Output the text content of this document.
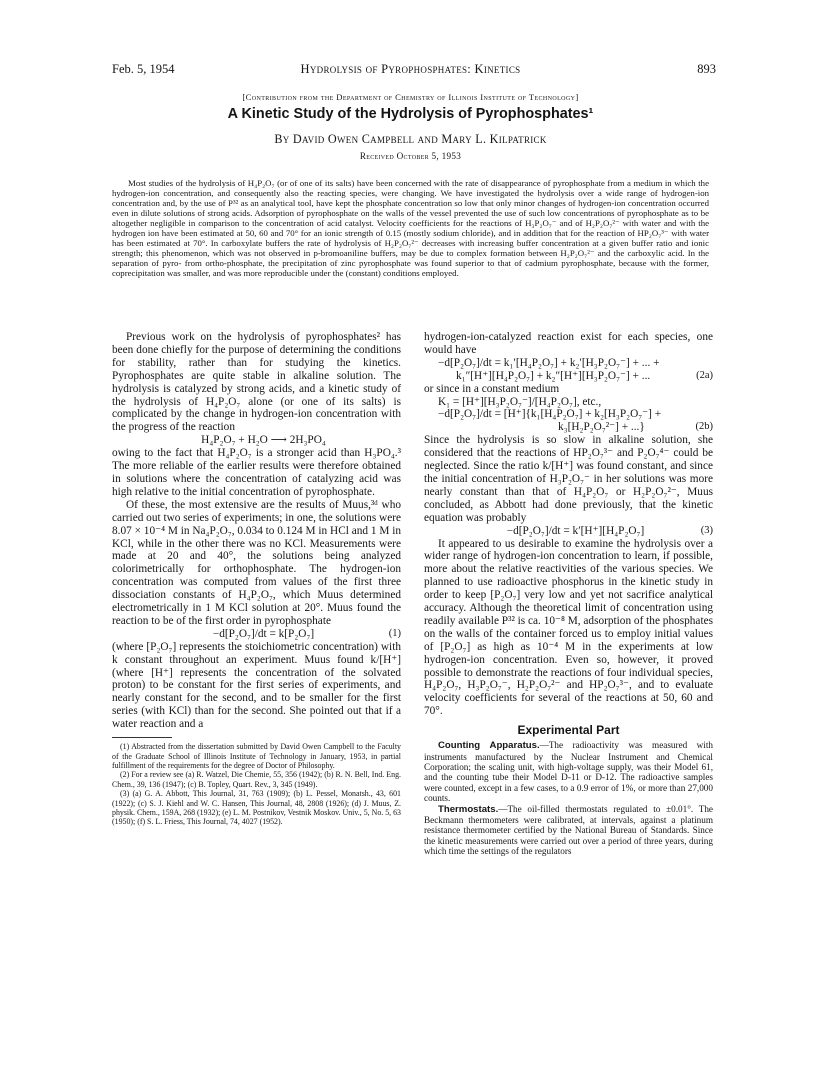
Feb. 5, 1954	Hydrolysis of Pyrophosphates: Kinetics	893
[Contribution from the Department of Chemistry of Illinois Institute of Technology]
A Kinetic Study of the Hydrolysis of Pyrophosphates¹
By David Owen Campbell and Mary L. Kilpatrick
Received October 5, 1953

Most studies of the hydrolysis of H₄P₂O₇ (or of one of its salts) have been concerned with the rate of disappearance of pyrophosphate from a medium in which the hydrogen-ion concentration, and consequently also the reacting species, were changing. We have investigated the hydrolysis over a wide range of hydrogen-ion concentration and, by the use of P³² as an analytical tool, have kept the phosphate concentration so low that only minor changes of hydrogen-ion concentration occurred even in dilute solutions of strong acids. Adsorption of pyrophosphate on the walls of the vessel prevented the use of such low concentrations of pyrophosphate as to be altogether negligible in comparison to the concentration of acid catalyst. Velocity coefficients for the reactions of H₃P₂O₇⁻ and of H₂P₂O₇²⁻ with water and with the hydrogen ion have been estimated at 50, 60 and 70° for an ionic strength of 0.15 (mostly sodium chloride), and in addition that for the reaction of HP₂O₇³⁻ with water has been estimated at 70°. In carboxylate buffers the rate of hydrolysis of H₂P₂O₇²⁻ decreases with increasing buffer concentration at a given buffer ratio and ionic strength; this phenomenon, which was not observed in p-bromoaniline buffers, may be due to complex formation between H₂P₂O₇²⁻ and the carboxylic acid. In the separation of pyro- from ortho-phosphate, the precipitation of zinc pyrophosphate was found superior to that of cadmium pyrophosphate, because with the former, coprecipitation was smaller, and was more reproducible under the (constant) conditions employed.

Previous work on the hydrolysis of pyrophosphates² has been done chiefly for the purpose of determining the conditions for stability, rather than for studying the kinetics. Pyrophosphates are quite stable in alkaline solution. The hydrolysis is catalyzed by strong acids, and a kinetic study of the hydrolysis of H₄P₂O₇ alone (or one of its salts) is complicated by the change in hydrogen-ion concentration with the progress of the reaction

H₄P₂O₇ + H₂O ⟶ 2H₃PO₄

owing to the fact that H₄P₂O₇ is a stronger acid than H₃PO₄.³ The more reliable of the earlier results were therefore obtained in solutions where the concentration of catalyzing acid was high relative to the initial concentration of pyrophosphate.

Of these, the most extensive are the results of Muus,³ᵈ who carried out two series of experiments; in one, the solutions were 8.07 × 10⁻⁴ M in Na₄P₂O₇, 0.034 to 0.124 M in HCl and 1 M in KCl, while in the other there was no KCl. Measurements were made at 20 and 40°, the solutions being analyzed colorimetrically for orthophosphate. The hydrogen-ion concentration was computed from values of the first three dissociation constants of H₄P₂O₇, which Muus determined electrometrically in 1 M KCl solution at 20°. Muus found the reaction to be of the first order in pyrophosphate

−d[P₂O₇]/dt = k[P₂O₇]	(1)

(where [P₂O₇] represents the stoichiometric concentration) with k constant throughout an experiment. Muus found k/[H⁺] (where [H⁺] represents the concentration of the solvated proton) to be constant for the first series of experiments, and nearly constant for the second, and to be smaller for the first series (with KCl) than for the second. She pointed out that if a water reaction and a

(1) Abstracted from the dissertation submitted by David Owen Campbell to the Faculty of the Graduate School of Illinois Institute of Technology in January, 1953, in partial fulfillment of the requirements for the degree of Doctor of Philosophy.

(2) For a review see (a) R. Watzel, Die Chemie, 55, 356 (1942); (b) R. N. Bell, Ind. Eng. Chem., 39, 136 (1947); (c) B. Topley, Quart. Rev., 3, 345 (1949).

(3) (a) G. A. Abbott, This Journal, 31, 763 (1909); (b) L. Pessel, Monatsh., 43, 601 (1922); (c) S. J. Kiehl and W. C. Hansen, This Journal, 48, 2808 (1926); (d) J. Muus, Z. physik. Chem., 159A, 268 (1932); (e) L. M. Postnikov, Vestnik Moskov. Univ., 5, No. 5, 63 (1950); (f) S. L. Friess, This Journal, 74, 4027 (1952).

hydrogen-ion-catalyzed reaction exist for each species, one would have

−d[P₂O₇]/dt = k₁′[H₄P₂O₇] + k₂′[H₃P₂O₇⁻] + ... +

k₁″[H⁺][H₄P₂O₇] + k₂″[H⁺][H₃P₂O₇⁻] + ...	(2a)

or since in a constant medium

K₁ = [H⁺][H₃P₂O₇⁻]/[H₄P₂O₇], etc.,

−d[P₂O₇]/dt = [H⁺]{k₁[H₄P₂O₇] + k₂[H₃P₂O₇⁻] +

k₃[H₂P₂O₇²⁻] + ...}	(2b)

Since the hydrolysis is so slow in alkaline solution, she considered that the reactions of HP₂O₇³⁻ and P₂O₇⁴⁻ could be neglected. Since the ratio k/[H⁺] was found constant, and since the initial concentration of H₃P₂O₇⁻ in her solutions was more nearly constant than that of H₄P₂O₇ or H₂P₂O₇²⁻, Muus concluded, as Abbott had done previously, that the kinetic equation was probably

−d[P₂O₇]/dt = k′[H⁺][H₄P₂O₇]	(3)

It appeared to us desirable to examine the hydrolysis over a wider range of hydrogen-ion concentration to learn, if possible, more about the relative reactivities of the various species. We planned to use radioactive phosphorus in the kinetic study in order to keep [P₂O₇] very low and yet not sacrifice analytical accuracy. Although the theoretical limit of concentration using readily available P³² is ca. 10⁻⁸ M, adsorption of the phosphates on the walls of the container forced us to employ initial values of [P₂O₇] as high as 10⁻⁴ M in the experiments at low hydrogen-ion concentration. Even so, however, it proved possible to demonstrate the reactions of four individual species, H₄P₂O₇, H₃P₂O₇⁻, H₂P₂O₇²⁻ and HP₂O₇³⁻, and to evaluate velocity coefficients for several of the reactions at 50, 60 and 70°.

Experimental Part

Counting Apparatus.—The radioactivity was measured with instruments manufactured by the Nuclear Instrument and Chemical Corporation; the scaling unit, with high-voltage supply, was their Model 61, and the counting tube their Model D-11 or D-12. The radioactive samples were counted, except in a few cases, to a 0.9 error of 1%, or more than 27,000 counts.

Thermostats.—The oil-filled thermostats regulated to ±0.01°. The Beckmann thermometers were calibrated, at intervals, against a platinum resistance thermometer certified by the National Bureau of Standards. Since the kinetic measurements were carried out over a period of three years, during which time the settings of the regulators
